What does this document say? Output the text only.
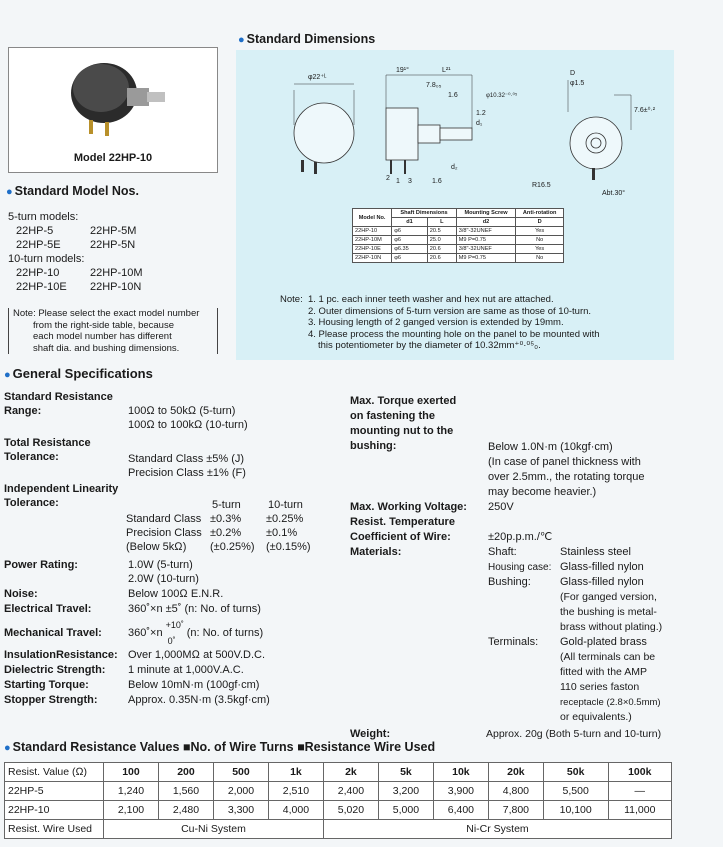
Model 22HP-10
● Standard Dimensions
φ22⁺ᴸ
2 1 3
19¹°	L²¹
7.8₀₅
1.6
1.2
d₁
φ10.32⁻⁰·⁰⁵
d₂
1.6
D
φ1.5
7.6±⁰·²
R16.5
Abt.30°
Model No.	Shaft Dimensions		Mounting Screw	Anti-rotation
	d1	L	d2	D
22HP-10	φ6	20.5	3/8"-32UNEF	Yes
22HP-10M	φ6	25.0	M9 P=0.75	No
22HP-10E	φ6.35	20.6	3/8"-32UNEF	Yes
22HP-10N	φ6	20.6	M9 P=0.75	No
Note: 1. 1 pc. each inner teeth washer and hex nut are attached.
2. Outer dimensions of 5-turn version are same as those of 10-turn.
3. Housing length of 2 ganged version is extended by 19mm.
4. Please process the mounting hole on the panel to be mounted with
this potentiometer by the diameter of 10.32mm⁺⁰·⁰⁵₀.
● Standard Model Nos.
5-turn models:
22HP-5	22HP-5M
22HP-5E	22HP-5N
10-turn models:
22HP-10	22HP-10M
22HP-10E 22HP-10N
Note: Please select the exact model number
from the right-side table, because
each model number has different
shaft dia. and bushing dimensions.
● General Specifications
Standard Resistance
Range:	100Ω to 50kΩ (5-turn)
100Ω to 100kΩ (10-turn)
Total Resistance
Tolerance:	Standard Class ±5% (J)
Precision Class ±1% (F)
Independent Linearity
Tolerance:	5-turn 10-turn
Standard Class ±0.3% ±0.25%
Precision Class ±0.2% ±0.1%
(Below 5kΩ) (±0.25%) (±0.15%)
Power Rating:	1.0W (5-turn)
2.0W (10-turn)
Noise:	Below 100Ω E.N.R.
Electrical Travel:	360˚×n ±5˚ (n: No. of turns)
Mechanical Travel: 360˚×n
+10˚
0˚
(n: No. of turns)
InsulationResistance: Over 1,000MΩ at 500V.D.C.
Dielectric Strength: 1 minute at 1,000V.A.C.
Starting Torque:	Below 10mN·m (100gf·cm)
Stopper Strength:	Approx. 0.35N·m (3.5kgf·cm)
Max. Torque exerted
on fastening the
mounting nut to the
bushing:	Below 1.0N·m (10kgf·cm)
(In case of panel thickness with
over 2.5mm., the rotating torque
may become heavier.)
Max. Working Voltage: 250V
Resist. Temperature
Coefficient of Wire:	±20p.p.m./℃
Materials:	Shaft:	Stainless steel
Housing case: Glass-filled nylon
Bushing:	Glass-filled nylon
(For ganged version,
the bushing is metal-
brass without plating.)
Terminals: Gold-plated brass
(All terminals can be
fitted with the AMP
110 series faston
receptacle (2.8×0.5mm)
or equivalents.)
Weight:	Approx. 20g (Both 5-turn and 10-turn)
● Standard Resistance Values ■No. of Wire Turns ■Resistance Wire Used
Resist. Value (Ω)	100	200	500	1k	2k	5k	10k	20k	50k	100k
22HP-5	1,240	1,560	2,000	2,510	2,400	3,200	3,900	4,800	5,500	—
22HP-10	2,100	2,480	3,300	4,000	5,020	5,000	6,400	7,800	10,100	11,000
Resist. Wire Used	Cu-Ni System				Ni-Cr System					
